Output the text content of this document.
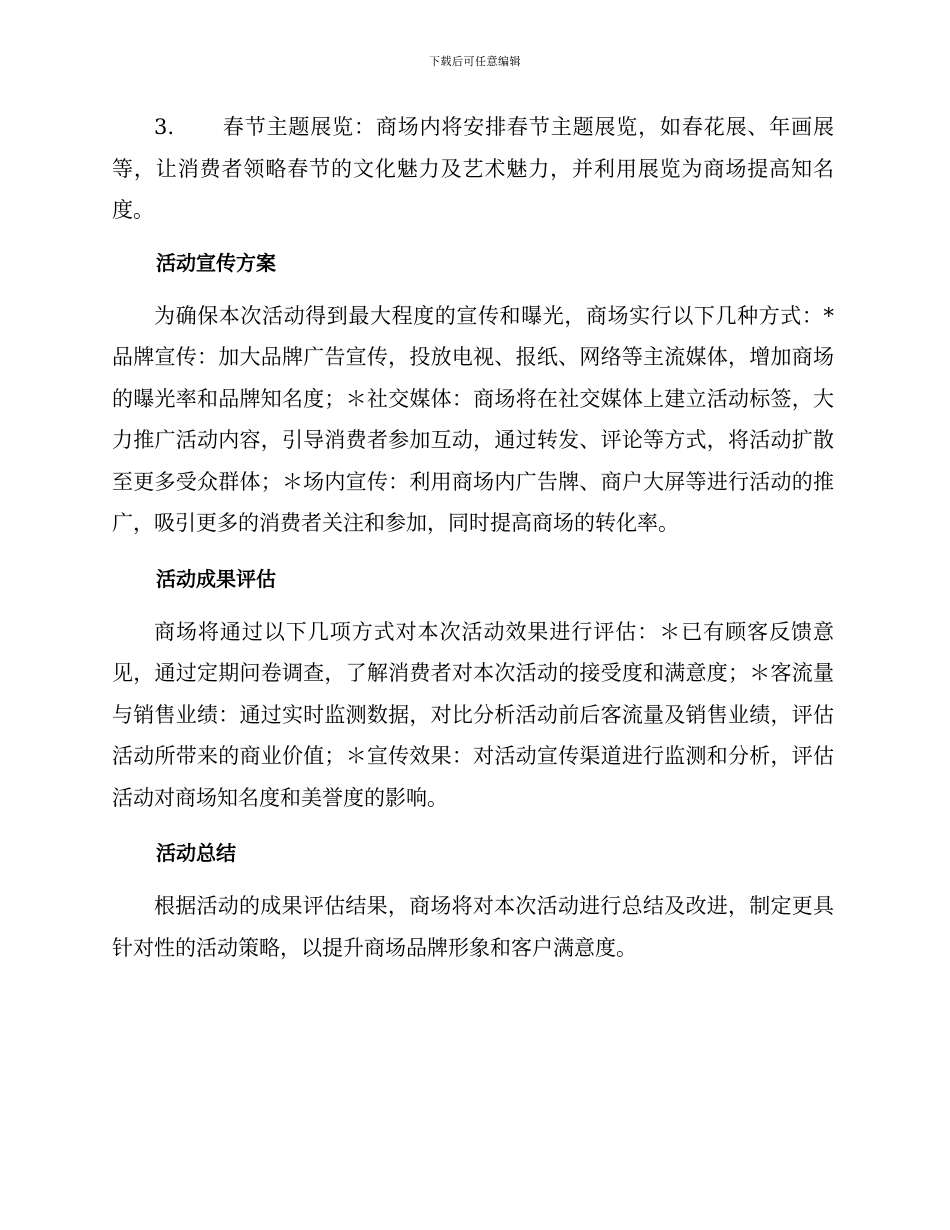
下载后可任意编辑

3. 春节主题展览：商场内将安排春节主题展览，如春花展、年画展等，让消费者领略春节的文化魅力及艺术魅力，并利用展览为商场提高知名度。

活动宣传方案

为确保本次活动得到最大程度的宣传和曝光，商场实行以下几种方式：* 品牌宣传：加大品牌广告宣传，投放电视、报纸、网络等主流媒体，增加商场的曝光率和品牌知名度；＊社交媒体：商场将在社交媒体上建立活动标签，大力推广活动内容，引导消费者参加互动，通过转发、评论等方式，将活动扩散至更多受众群体；＊场内宣传：利用商场内广告牌、商户大屏等进行活动的推广，吸引更多的消费者关注和参加，同时提高商场的转化率。

活动成果评估

商场将通过以下几项方式对本次活动效果进行评估：＊已有顾客反馈意见，通过定期问卷调查，了解消费者对本次活动的接受度和满意度；＊客流量与销售业绩：通过实时监测数据，对比分析活动前后客流量及销售业绩，评估活动所带来的商业价值；＊宣传效果：对活动宣传渠道进行监测和分析，评估活动对商场知名度和美誉度的影响。

活动总结

根据活动的成果评估结果，商场将对本次活动进行总结及改进，制定更具针对性的活动策略，以提升商场品牌形象和客户满意度。
